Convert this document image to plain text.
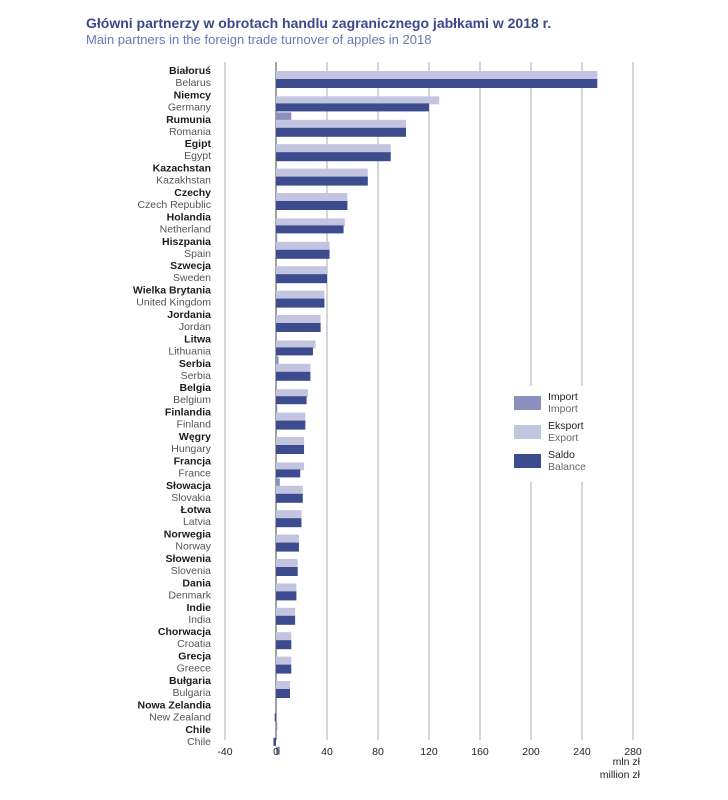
Główni partnerzy w obrotach handlu zagranicznego jabłkami w 2018 r.
Main partners in the foreign trade turnover of apples in 2018
Białoruś
Belarus
Niemcy
Germany
Rumunia
Romania
Egipt
Egypt
Kazachstan
Kazakhstan
Czechy
Czech Republic
Holandia
Netherland
Hiszpania
Spain
Szwecja
Sweden
Wielka Brytania
United Kingdom
Jordania
Jordan
Litwa
Lithuania
Serbia
Serbia
Belgia
Belgium
Finlandia
Finland
Węgry
Hungary
Francja
France
Słowacja
Slovakia
Łotwa
Latvia
Norwegia
Norway
Słowenia
Slovenia
Dania
Denmark
Indie
India
Chorwacja
Croatia
Grecja
Greece
Bułgaria
Bulgaria
Nowa Zelandia
New Zealand
Chile
Chile
-40	0	40	80	120	160	200	240	280
mln zł
million zł
Import
Import
Eksport
Export
Saldo
Balance
